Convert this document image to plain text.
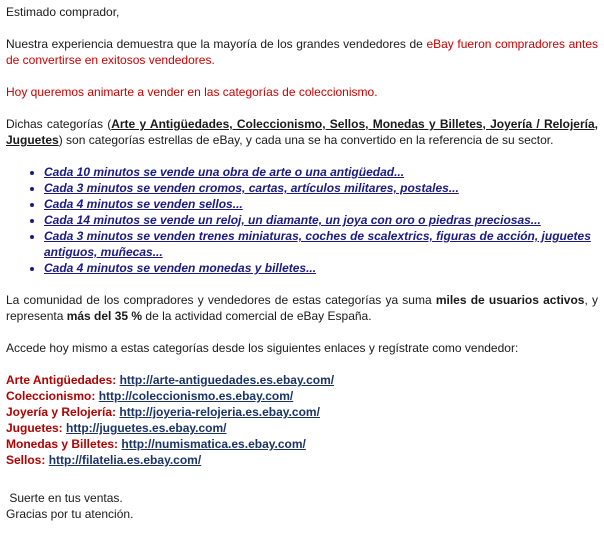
Estimado comprador,

Nuestra experiencia demuestra que la mayoría de los grandes vendedores de eBay fueron compradores antes de convertirse en exitosos vendedores.

Hoy queremos animarte a vender en las categorías de coleccionismo.

Dichas categorías (Arte y Antigüedades, Coleccionismo, Sellos, Monedas y Billetes, Joyería / Relojería, Juguetes) son categorías estrellas de eBay, y cada una se ha convertido en la referencia de su sector.

• Cada 10 minutos se vende una obra de arte o una antigüedad...
• Cada 3 minutos se venden cromos, cartas, artículos militares, postales...
• Cada 4 minutos se venden sellos...
• Cada 14 minutos se vende un reloj, un diamante, un joya con oro o piedras preciosas...
• Cada 3 minutos se venden trenes miniaturas, coches de scalextrics, figuras de acción, juguetes antiguos, muñecas...
• Cada 4 minutos se venden monedas y billetes...

La comunidad de los compradores y vendedores de estas categorías ya suma miles de usuarios activos, y representa más del 35 % de la actividad comercial de eBay España.

Accede hoy mismo a estas categorías desde los siguientes enlaces y regístrate como vendedor:

Arte Antigüedades: http://arte-antiguedades.es.ebay.com/
Coleccionismo: http://coleccionismo.es.ebay.com/
Joyería y Relojería: http://joyeria-relojeria.es.ebay.com/
Juguetes: http://juguetes.es.ebay.com/
Monedas y Billetes: http://numismatica.es.ebay.com/
Sellos: http://filatelia.es.ebay.com/
Suerte en tus ventas.
Gracias por tu atención.
